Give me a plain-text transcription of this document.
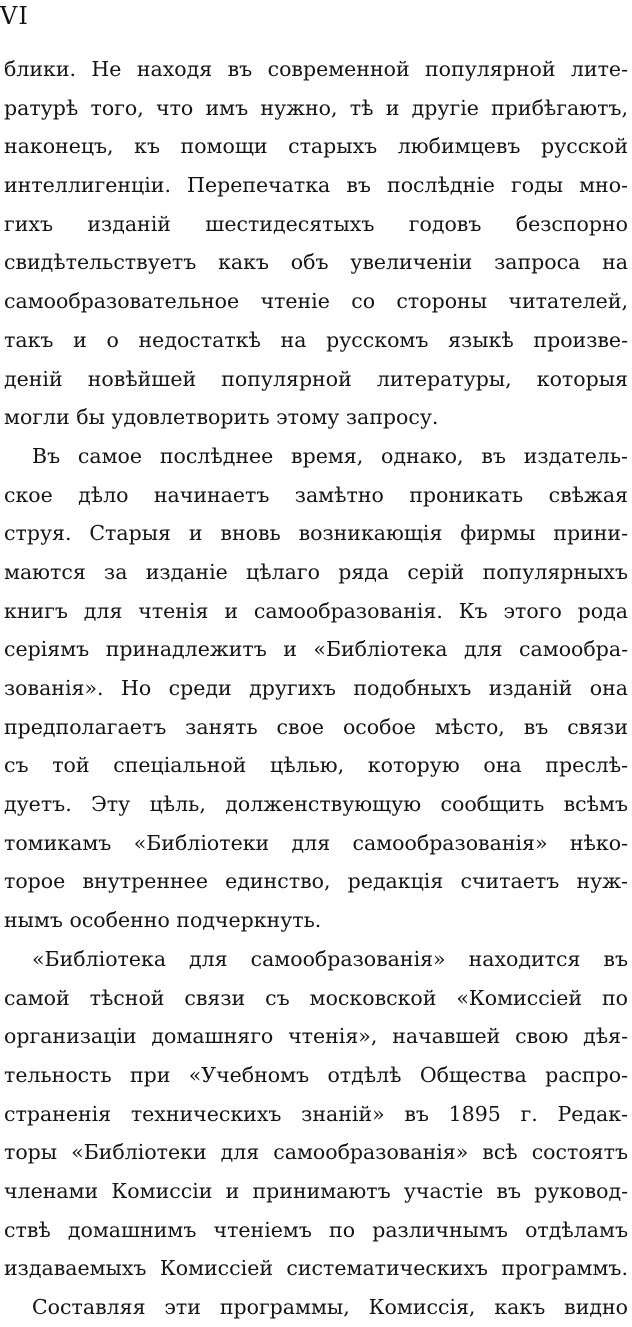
VI
блики. Не находя въ современной популярной лите-
ратурѣ того, что имъ нужно, тѣ и другіе прибѣгаютъ,
наконецъ, къ помощи старыхъ любимцевъ русской
интеллигенціи. Перепечатка въ послѣдніе годы мно-
гихъ изданій шестидесятыхъ годовъ безспорно
свидѣтельствуетъ какъ объ увеличеніи запроса на
самообразовательное чтеніе со стороны читателей,
такъ и о недостаткѣ на русскомъ языкѣ произве-
деній новѣйшей популярной литературы, которыя
могли бы удовлетворить этому запросу.
Въ самое послѣднее время, однако, въ издатель-
ское дѣло начинаетъ замѣтно проникать свѣжая
струя. Старыя и вновь возникающія фирмы прини-
маются за изданіе цѣлаго ряда серій популярныхъ
книгъ для чтенія и самообразованія. Къ этого рода
серіямъ принадлежитъ и «Библіотека для самообра-
зованія». Но среди другихъ подобныхъ изданій она
предполагаетъ занять свое особое мѣсто, въ связи
съ той спеціальной цѣлью, которую она преслѣ-
дуетъ. Эту цѣль, долженствующую сообщить всѣмъ
томикамъ «Библіотеки для самообразованія» нѣко-
торое внутреннее единство, редакція считаетъ нуж-
нымъ особенно подчеркнуть.
«Библіотека для самообразованія» находится въ
самой тѣсной связи съ московской «Комиссіей по
организаціи домашняго чтенія», начавшей свою дѣя-
тельность при «Учебномъ отдѣлѣ Общества распро-
страненія техническихъ знаній» въ 1895 г. Редак-
торы «Библіотеки для самообразованія» всѣ состоятъ
членами Комиссіи и принимаютъ участіе въ руковод-
ствѣ домашнимъ чтеніемъ по различнымъ отдѣламъ
издаваемыхъ Комиссіей систематическихъ программъ.
Составляя эти программы, Комиссія, какъ видно
